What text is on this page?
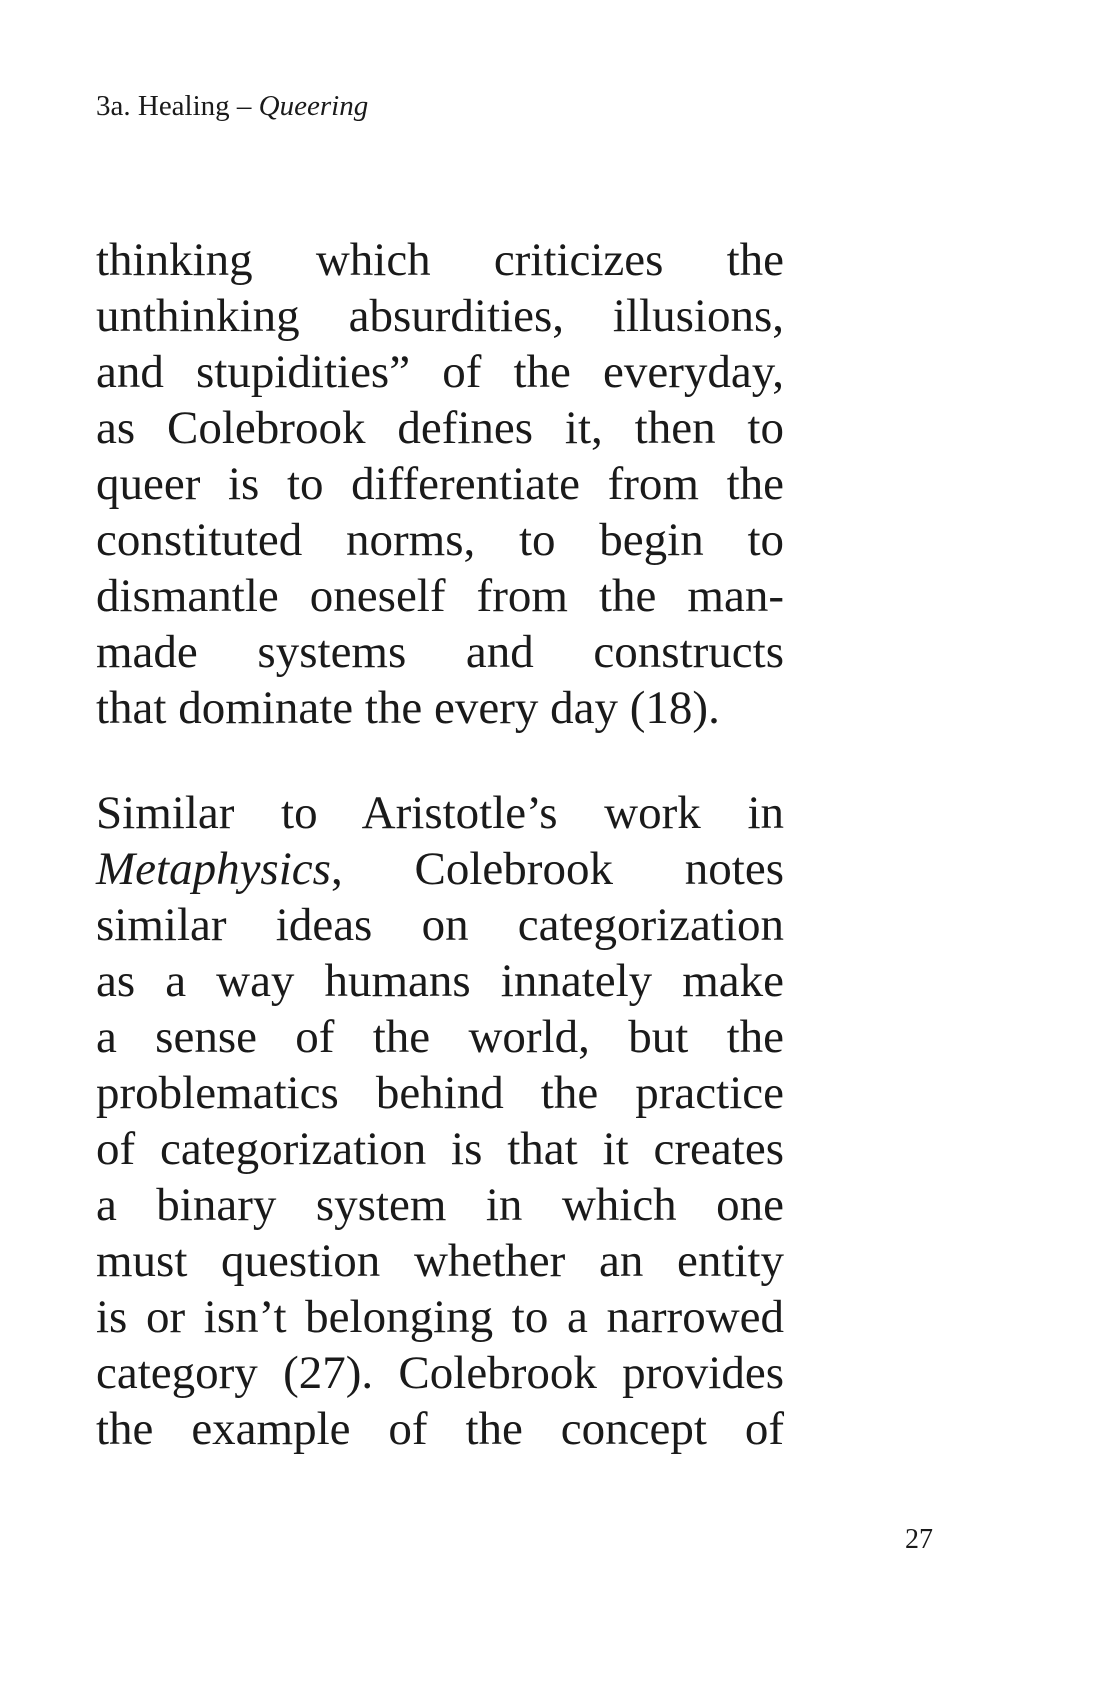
3a. Healing – Queering
thinking which criticizes the
unthinking absurdities, illusions,
and stupidities” of the everyday,
as Colebrook defines it, then to
queer is to differentiate from the
constituted norms, to begin to
dismantle oneself from the man-
made systems and constructs
that dominate the every day (18).
Similar to Aristotle’s work in
Metaphysics, Colebrook notes
similar ideas on categorization
as a way humans innately make
a sense of the world, but the
problematics behind the practice
of categorization is that it creates
a binary system in which one
must question whether an entity
is or isn’t belonging to a narrowed
category (27). Colebrook provides
the example of the concept of
27
